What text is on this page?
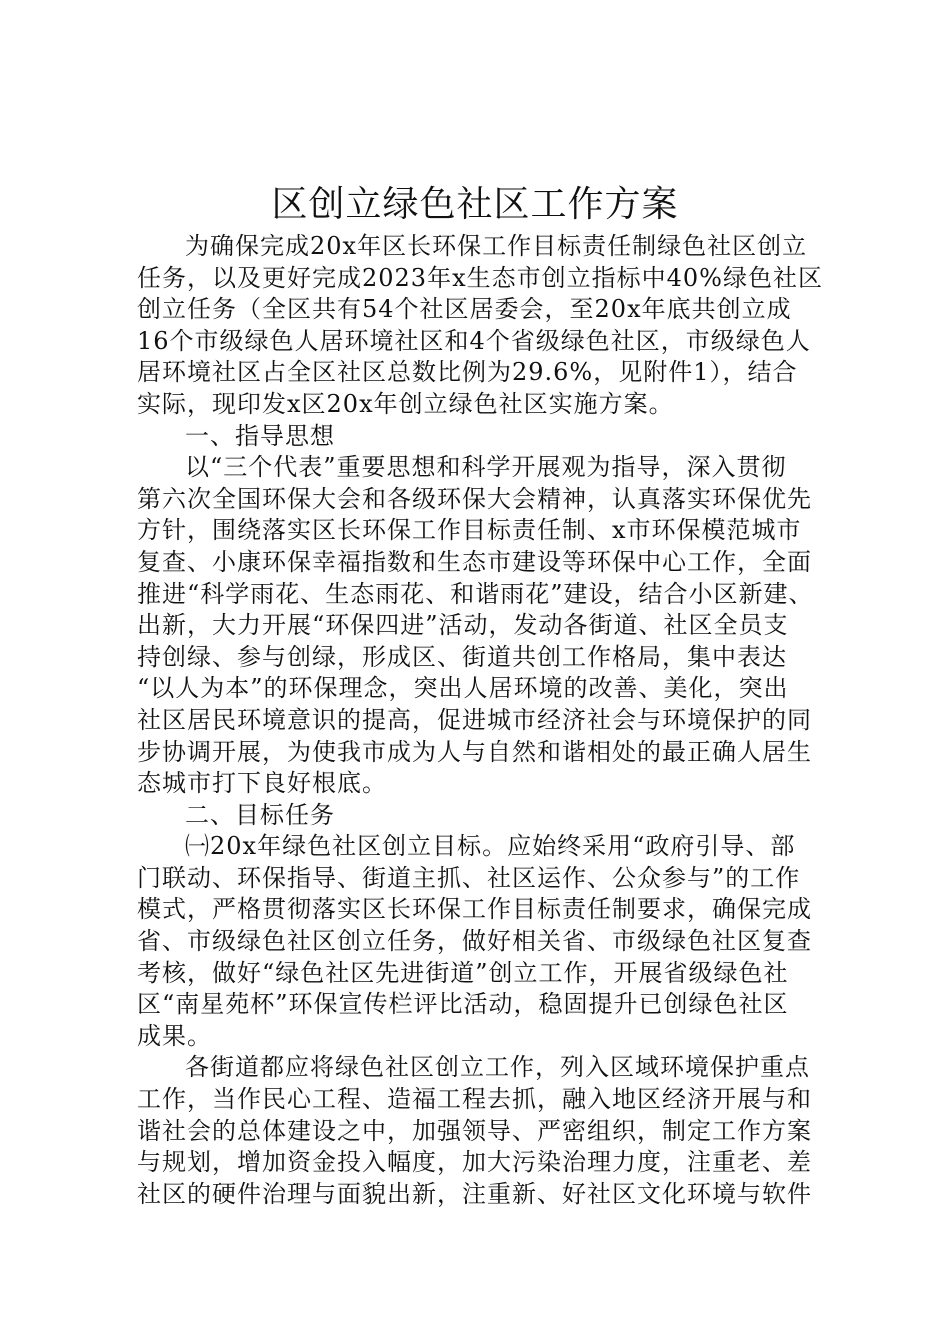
区创立绿色社区工作方案
为确保完成20x年区长环保工作目标责任制绿色社区创立
任务，以及更好完成2023年x生态市创立指标中40%绿色社区
创立任务（全区共有54个社区居委会，至20x年底共创立成
16个市级绿色人居环境社区和4个省级绿色社区，市级绿色人
居环境社区占全区社区总数比例为29.6%，见附件1），结合
实际，现印发x区20x年创立绿色社区实施方案。
一、指导思想
以“三个代表”重要思想和科学开展观为指导，深入贯彻
第六次全国环保大会和各级环保大会精神，认真落实环保优先
方针，围绕落实区长环保工作目标责任制、x市环保模范城市
复查、小康环保幸福指数和生态市建设等环保中心工作，全面
推进“科学雨花、生态雨花、和谐雨花”建设，结合小区新建、
出新，大力开展“环保四进”活动，发动各街道、社区全员支
持创绿、参与创绿，形成区、街道共创工作格局，集中表达
“以人为本”的环保理念，突出人居环境的改善、美化，突出
社区居民环境意识的提高，促进城市经济社会与环境保护的同
步协调开展，为使我市成为人与自然和谐相处的最正确人居生
态城市打下良好根底。
二、目标任务
㈠20x年绿色社区创立目标。应始终采用“政府引导、部
门联动、环保指导、街道主抓、社区运作、公众参与”的工作
模式，严格贯彻落实区长环保工作目标责任制要求，确保完成
省、市级绿色社区创立任务，做好相关省、市级绿色社区复查
考核，做好“绿色社区先进街道”创立工作，开展省级绿色社
区“南星苑杯”环保宣传栏评比活动，稳固提升已创绿色社区
成果。
各街道都应将绿色社区创立工作，列入区域环境保护重点
工作，当作民心工程、造福工程去抓，融入地区经济开展与和
谐社会的总体建设之中，加强领导、严密组织，制定工作方案
与规划，增加资金投入幅度，加大污染治理力度，注重老、差
社区的硬件治理与面貌出新，注重新、好社区文化环境与软件
